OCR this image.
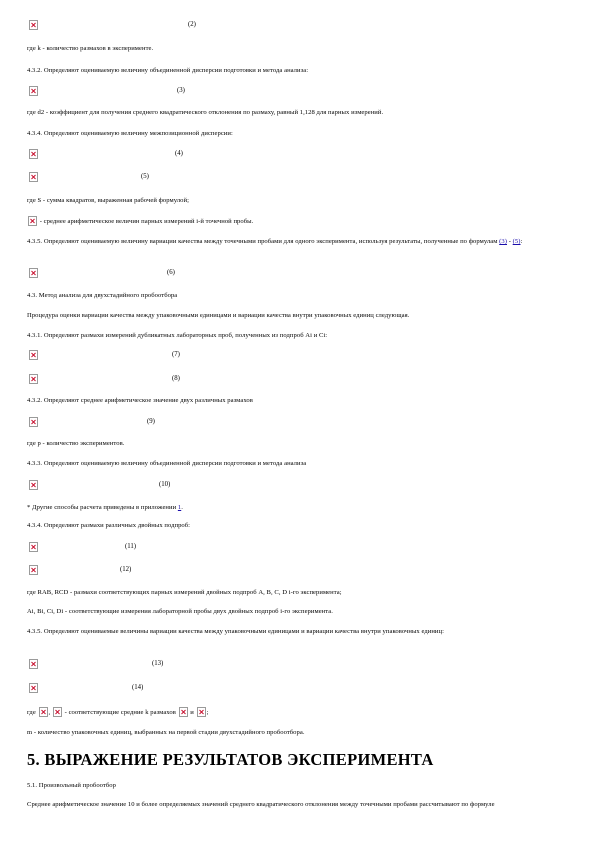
(2)
где k - количество размахов в эксперименте.
4.3.2. Определяют оцениваемую величину объединенной дисперсии подготовки и метода анализа:
(3)
где d2 - коэффициент для получения среднего квадратического отклонения по размаху, равный 1,128 для парных измерений.
4.3.4. Определяют оцениваемую величину межпозиционной дисперсии:
(4)
(5)
где S - сумма квадратов, выраженная рабочей формулой;
- среднее арифметическое величин парных измерений i-й точечной пробы.
4.3.5. Определяют оцениваемую величину вариации качества между точечными пробами для одного эксперимента, используя результаты, полученные по формулам (3) - (5):
(6)
4.3. Метод анализа для двухстадийного пробоотбора
Процедура оценки вариации качества между упаковочными единицами и вариации качества внутри упаковочных единиц следующая.
4.3.1. Определяют размахи измерений дубликатных лабораторных проб, полученных из подпроб Ai и Ci:
(7)
(8)
4.3.2. Определяют среднее арифметическое значение двух различных размахов
(9)
где p - количество экспериментов.
4.3.3. Определяют оцениваемую величину объединенной дисперсии подготовки и метода анализа
(10)
* Другие способы расчета приведены в приложении 1.
4.3.4. Определяют размахи различных двойных подпроб:
(11)
(12)
где RAB, RCD - размахи соответствующих парных измерений двойных подпроб A, B, C, D i-го эксперимента;
Ai, Bi, Ci, Di - соответствующие измерения лабораторной пробы двух двойных подпроб i-го эксперимента.
4.3.5. Определяют оцениваемые величины вариации качества между упаковочными единицами и вариации качества внутри упаковочных единиц:
(13)
(14)
где
,
- соответствующие средние k размахов
и
;
m - количество упаковочных единиц, выбранных на первой стадии двухстадийного пробоотбора.
5. ВЫРАЖЕНИЕ РЕЗУЛЬТАТОВ ЭКСПЕРИМЕНТА
5.1. Произвольный пробоотбор
Среднее арифметическое значение 10 и более определяемых значений среднего квадратического отклонения между точечными пробами рассчитывают по формуле
